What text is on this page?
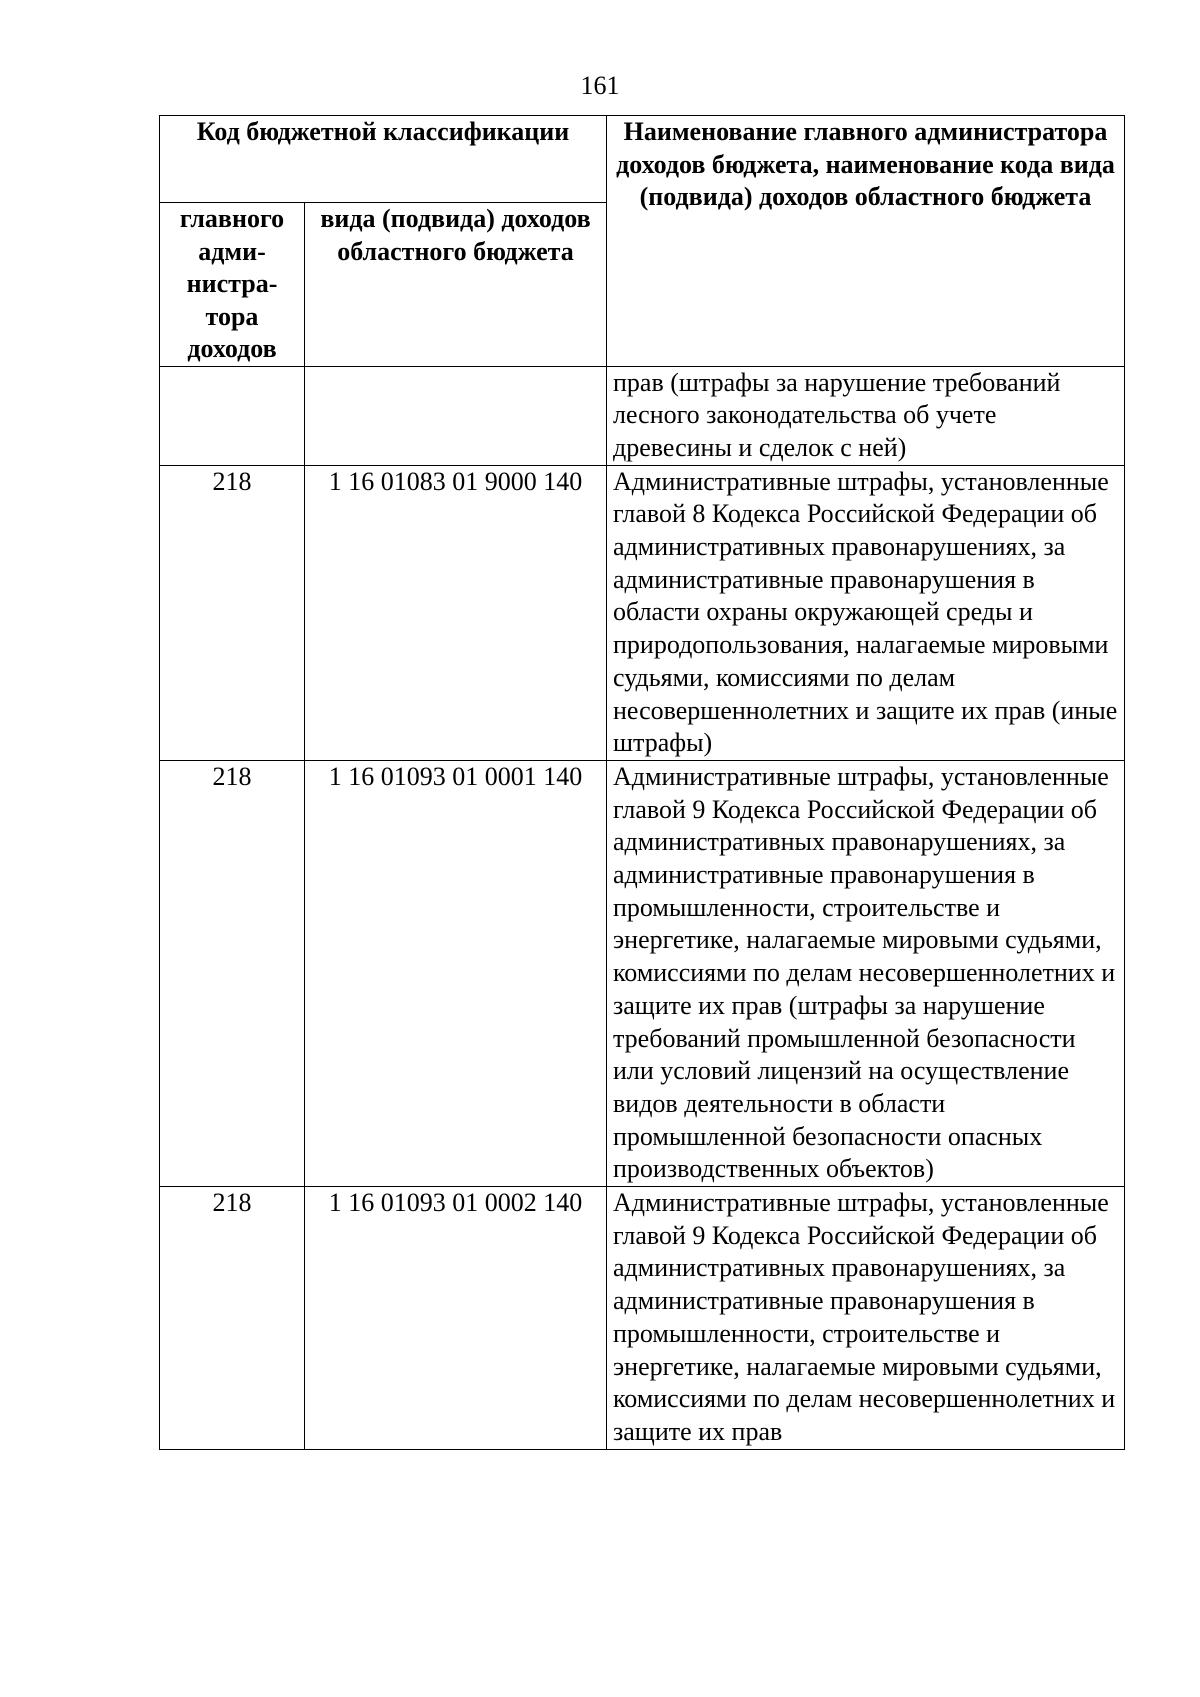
161
Код бюджетной классификации		Наименование главного администратора доходов бюджета, наименование кода вида (подвида) доходов областного бюджета
главного адми-нистра-тора доходов	вида (подвида) доходов областного бюджета	
		прав (штрафы за нарушение требований лесного законодательства об учете древесины и сделок с ней)
218	1 16 01083 01 9000 140	Административные штрафы, установленные главой 8 Кодекса Российской Федерации об административных правонарушениях, за административные правонарушения в области охраны окружающей среды и природопользования, налагаемые мировыми судьями, комиссиями по делам несовершеннолетних и защите их прав (иные штрафы)
218	1 16 01093 01 0001 140	Административные штрафы, установленные главой 9 Кодекса Российской Федерации об административных правонарушениях, за административные правонарушения в промышленности, строительстве и энергетике, налагаемые мировыми судьями, комиссиями по делам несовершеннолетних и защите их прав (штрафы за нарушение требований промышленной безопасности или условий лицензий на осуществление видов деятельности в области промышленной безопасности опасных производственных объектов)
218	1 16 01093 01 0002 140	Административные штрафы, установленные главой 9 Кодекса Российской Федерации об административных правонарушениях, за административные правонарушения в промышленности, строительстве и энергетике, налагаемые мировыми судьями, комиссиями по делам несовершеннолетних и защите их прав
